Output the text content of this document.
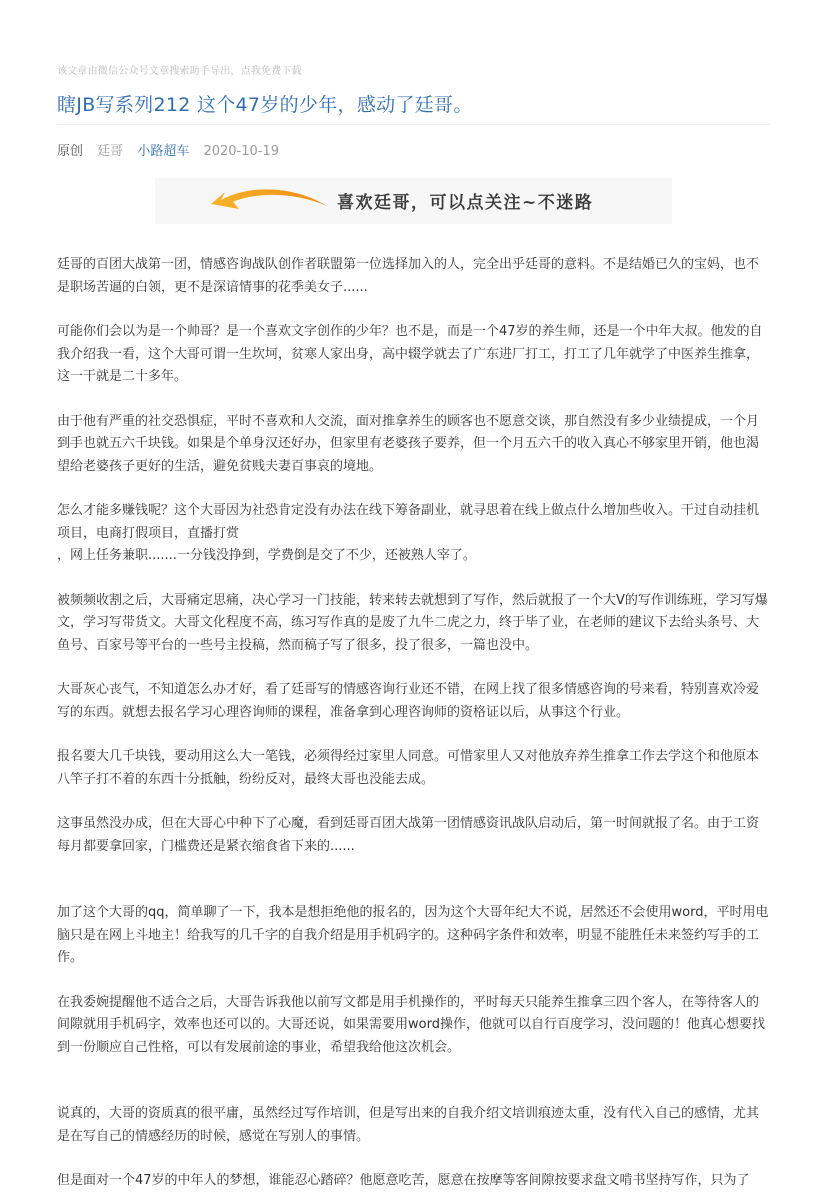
该文章由微信公众号文章搜索助手导出，点我免费下载
瞎JB写系列212 这个47岁的少年，感动了廷哥。
原创 廷哥 小路超车 2020-10-19
喜欢廷哥，可以点关注~不迷路

廷哥的百团大战第一团，情感咨询战队创作者联盟第一位选择加入的人，完全出乎廷哥的意料。不是结婚已久的宝妈，也不是职场苦逼的白领，更不是深谙情事的花季美女子......

可能你们会以为是一个帅哥？是一个喜欢文字创作的少年？也不是，而是一个47岁的养生师，还是一个中年大叔。他发的自我介绍我一看，这个大哥可谓一生坎坷，贫寒人家出身，高中辍学就去了广东进厂打工，打工了几年就学了中医养生推拿，这一干就是二十多年。

由于他有严重的社交恐惧症，平时不喜欢和人交流，面对推拿养生的顾客也不愿意交谈，那自然没有多少业绩提成，一个月到手也就五六千块钱。如果是个单身汉还好办，但家里有老婆孩子要养，但一个月五六千的收入真心不够家里开销，他也渴望给老婆孩子更好的生活，避免贫贱夫妻百事哀的境地。

怎么才能多赚钱呢？这个大哥因为社恐肯定没有办法在线下筹备副业，就寻思着在线上做点什么增加些收入。干过自动挂机项目，电商打假项目，直播打赏

，网上任务兼职.......一分钱没挣到，学费倒是交了不少，还被熟人宰了。

被频频收割之后，大哥痛定思痛，决心学习一门技能，转来转去就想到了写作，然后就报了一个大V的写作训练班，学习写爆文，学习写带货文。大哥文化程度不高，练习写作真的是废了九牛二虎之力，终于毕了业，在老师的建议下去给头条号、大鱼号、百家号等平台的一些号主投稿，然而稿子写了很多，投了很多，一篇也没中。

大哥灰心丧气，不知道怎么办才好，看了廷哥写的情感咨询行业还不错，在网上找了很多情感咨询的号来看，特别喜欢冷爱写的东西。就想去报名学习心理咨询师的课程，准备拿到心理咨询师的资格证以后，从事这个行业。

报名要大几千块钱，要动用这么大一笔钱，必须得经过家里人同意。可惜家里人又对他放弃养生推拿工作去学这个和他原本八竿子打不着的东西十分抵触，纷纷反对，最终大哥也没能去成。

这事虽然没办成，但在大哥心中种下了心魔，看到廷哥百团大战第一团情感资讯战队启动后，第一时间就报了名。由于工资每月都要拿回家，门槛费还是紧衣缩食省下来的......

加了这个大哥的qq，简单聊了一下，我本是想拒绝他的报名的，因为这个大哥年纪大不说，居然还不会使用word，平时用电脑只是在网上斗地主！给我写的几千字的自我介绍是用手机码字的。这种码字条件和效率，明显不能胜任未来签约写手的工作。

在我委婉提醒他不适合之后，大哥告诉我他以前写文都是用手机操作的，平时每天只能养生推拿三四个客人，在等待客人的间隙就用手机码字，效率也还可以的。大哥还说，如果需要用word操作，他就可以自行百度学习，没问题的！他真心想要找到一份顺应自己性格，可以有发展前途的事业，希望我给他这次机会。

说真的，大哥的资质真的很平庸，虽然经过写作培训，但是写出来的自我介绍文培训痕迹太重，没有代入自己的感情，尤其是在写自己的情感经历的时候，感觉在写别人的事情。

但是面对一个47岁的中年人的梦想，谁能忍心踏碎？他愿意吃苦，愿意在按摩等客间隙按要求盘文啃书坚持写作，只为了
